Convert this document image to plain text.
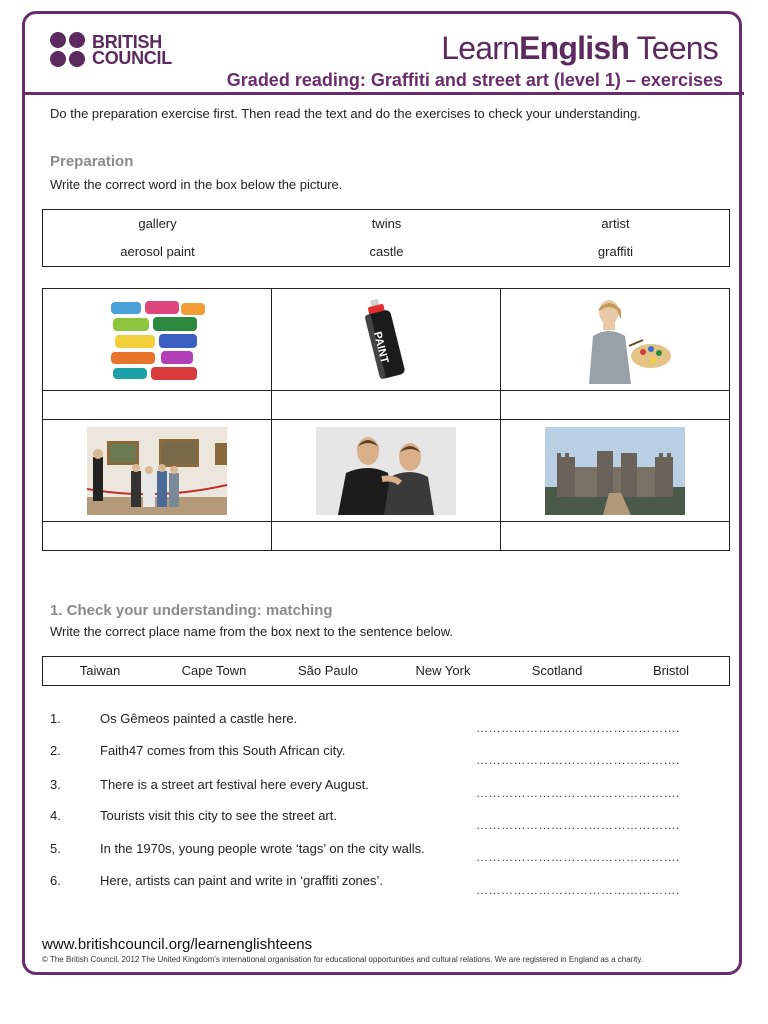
BRITISH
COUNCIL	LearnEnglish Teens
Graded reading: Graffiti and street art (level 1) – exercises
Do the preparation exercise first. Then read the text and do the exercises to check your understanding.
Preparation
Write the correct word in the box below the picture.
gallery	twins	artist
aerosol paint	castle	graffiti

PAINT

1. Check your understanding: matching
Write the correct place name from the box next to the sentence below.
Taiwan	Cape Town	São Paulo	New York	Scotland	Bristol
1.	Os Gêmeos painted a castle here.
………………………………………….
2.	Faith47 comes from this South African city.
………………………………………….
3.	There is a street art festival here every August.
………………………………………….
4.	Tourists visit this city to see the street art.
………………………………………….
5.	In the 1970s, young people wrote ‘tags’ on the city walls.
………………………………………….
6.	Here, artists can paint and write in ‘graffiti zones’.
………………………………………….
www.britishcouncil.org/learnenglishteens
© The British Council, 2012 The United Kingdom's international organisation for educational opportunities and cultural relations. We are registered in England as a charity.
